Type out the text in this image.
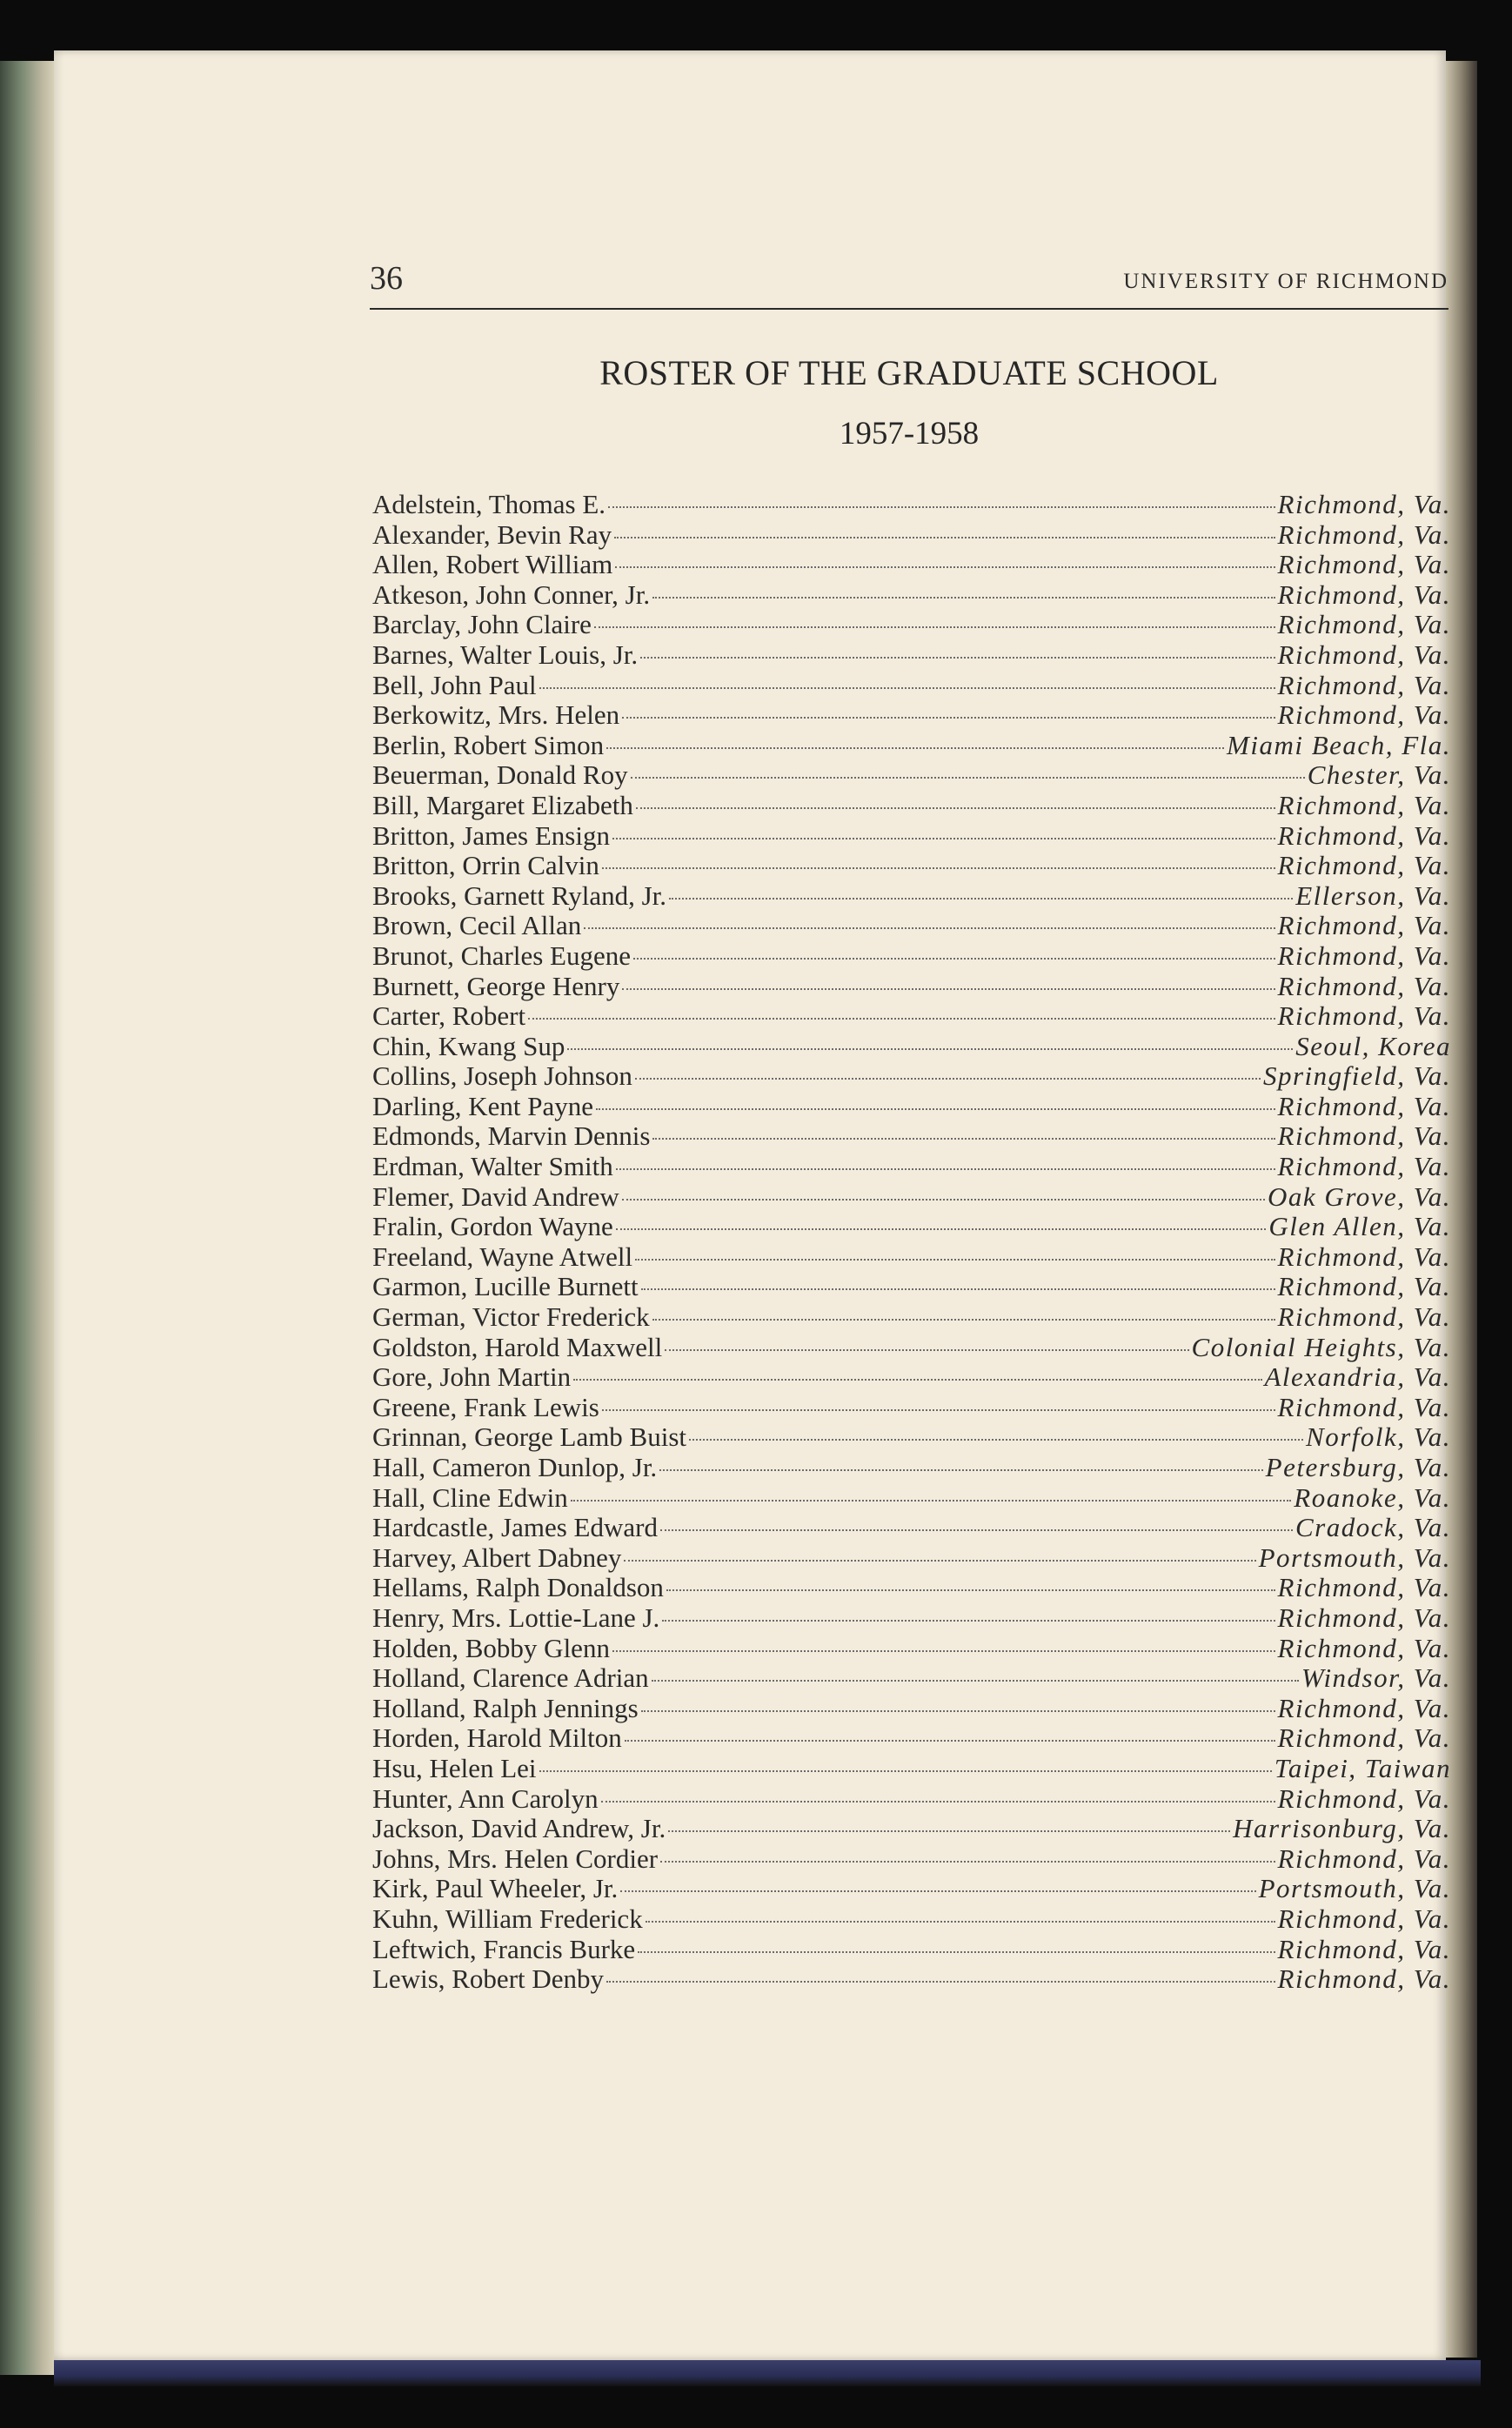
36	UNIVERSITY OF RICHMOND
ROSTER OF THE GRADUATE SCHOOL
1957-1958
Adelstein, Thomas E.	Richmond, Va.
Alexander, Bevin Ray	Richmond, Va.
Allen, Robert William	Richmond, Va.
Atkeson, John Conner, Jr.	Richmond, Va.
Barclay, John Claire	Richmond, Va.
Barnes, Walter Louis, Jr.	Richmond, Va.
Bell, John Paul	Richmond, Va.
Berkowitz, Mrs. Helen	Richmond, Va.
Berlin, Robert Simon	Miami Beach, Fla.
Beuerman, Donald Roy	Chester, Va.
Bill, Margaret Elizabeth	Richmond, Va.
Britton, James Ensign	Richmond, Va.
Britton, Orrin Calvin	Richmond, Va.
Brooks, Garnett Ryland, Jr.	Ellerson, Va.
Brown, Cecil Allan	Richmond, Va.
Brunot, Charles Eugene	Richmond, Va.
Burnett, George Henry	Richmond, Va.
Carter, Robert	Richmond, Va.
Chin, Kwang Sup	Seoul, Korea
Collins, Joseph Johnson	Springfield, Va.
Darling, Kent Payne	Richmond, Va.
Edmonds, Marvin Dennis	Richmond, Va.
Erdman, Walter Smith	Richmond, Va.
Flemer, David Andrew	Oak Grove, Va.
Fralin, Gordon Wayne	Glen Allen, Va.
Freeland, Wayne Atwell	Richmond, Va.
Garmon, Lucille Burnett	Richmond, Va.
German, Victor Frederick	Richmond, Va.
Goldston, Harold Maxwell	Colonial Heights, Va.
Gore, John Martin	Alexandria, Va.
Greene, Frank Lewis	Richmond, Va.
Grinnan, George Lamb Buist	Norfolk, Va.
Hall, Cameron Dunlop, Jr.	Petersburg, Va.
Hall, Cline Edwin	Roanoke, Va.
Hardcastle, James Edward	Cradock, Va.
Harvey, Albert Dabney	Portsmouth, Va.
Hellams, Ralph Donaldson	Richmond, Va.
Henry, Mrs. Lottie-Lane J.	Richmond, Va.
Holden, Bobby Glenn	Richmond, Va.
Holland, Clarence Adrian	Windsor, Va.
Holland, Ralph Jennings	Richmond, Va.
Horden, Harold Milton	Richmond, Va.
Hsu, Helen Lei	Taipei, Taiwan
Hunter, Ann Carolyn	Richmond, Va.
Jackson, David Andrew, Jr.	Harrisonburg, Va.
Johns, Mrs. Helen Cordier	Richmond, Va.
Kirk, Paul Wheeler, Jr.	Portsmouth, Va.
Kuhn, William Frederick	Richmond, Va.
Leftwich, Francis Burke	Richmond, Va.
Lewis, Robert Denby	Richmond, Va.
